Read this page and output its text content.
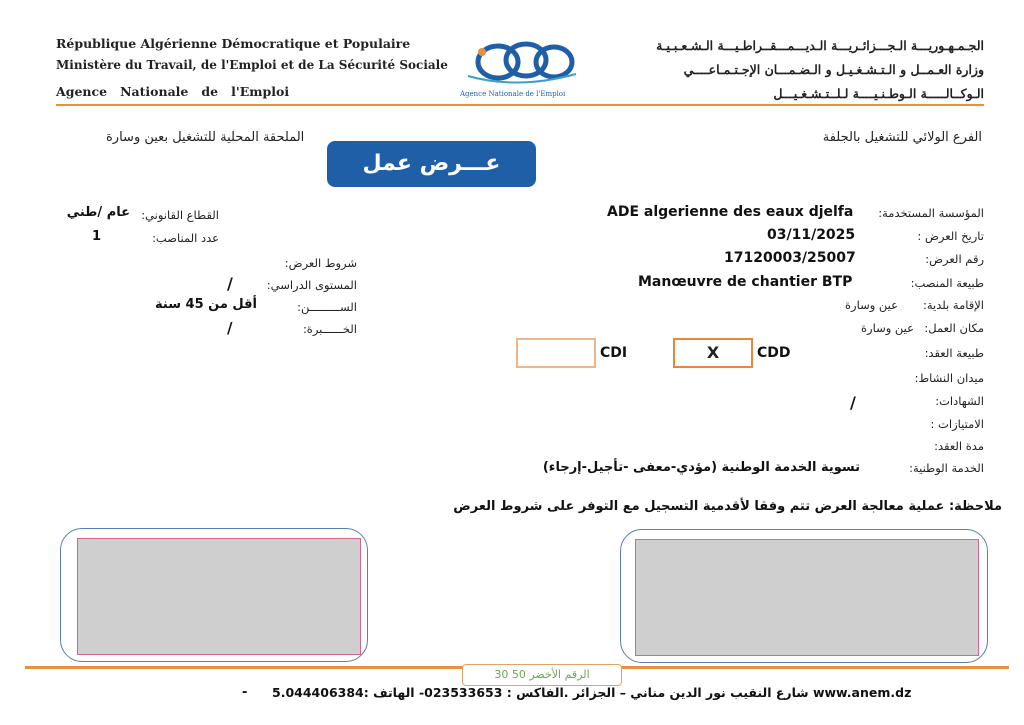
République Algérienne Démocratique et Populaire
Ministère du Travail, de l'Emploi et de La Sécurité Sociale
Agence   Nationale   de   l'Emploi	Agence Nationale de l'Emploi
الجـمـهـوريـــة الـجـــزائـريـــة الـديـــمـــقــراطـيـــة الـشـعـبـيـة
وزارة العـمــل و الـتـشـغـيـل و الـضـمـــان الإجـتـمـاعــــي
الـوكــالـــــة الـوطـنـيــــة لـلــتـشـغـيـــل
الفرع الولائي للتشغيل بالجلفة
الملحقة المحلية للتشغيل بعين وسارة
عـــرض عمل
المؤسسة المستخدمة:
ADE algerienne des eaux djelfa
تاريخ العرض :
03/11/2025
رقم العرض:
17120003/25007
طبيعة المنصب:
Manœuvre de chantier BTP
الإقامة بلدية:
عين وسارة
مكان العمل:
عين وسارة
طبيعة العقد:
CDD
X
CDI
ميدان النشاط:
الشهادات:
/
الامتيازات :
مدة العقد:
الخدمة الوطنية:
تسوية الخدمة الوطنية (مؤدي-معفى -تأجيل-إرجاء)
القطاع القانوني:
عام /طني
عدد المناصب:
1
شروط العرض:
المستوى الدراسي:
/
الســـــــــن:
أقل من 45 سنة
الخــــــبرة:
/
ملاحظة: عملية معالجة العرض تتم وفقا لأقدمية التسجيل مع التوفر على شروط العرض
الرقم الأخضر 50 30
5.شارع النقيب نور الدين مناني – الجزائر .الفاكس : 023533653- الهاتف :044406384 www.anem.dz
-
